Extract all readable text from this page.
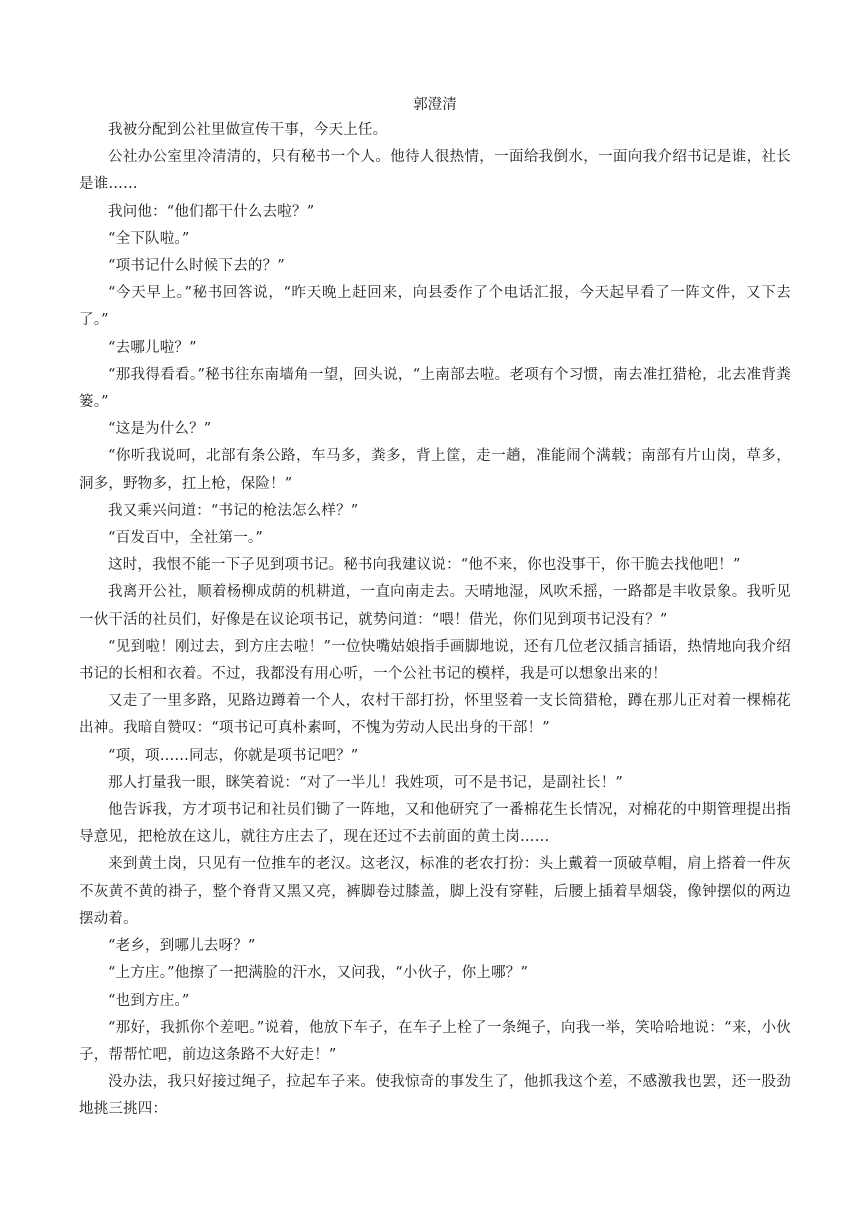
郭澄清

我被分配到公社里做宣传干事，今天上任。

公社办公室里冷清清的，只有秘书一个人。他待人很热情，一面给我倒水，一面向我介绍书记是谁，社长是谁……

我问他：“他们都干什么去啦？”

“全下队啦。”

“项书记什么时候下去的？”

“今天早上。”秘书回答说，“昨天晚上赶回来，向县委作了个电话汇报，今天起早看了一阵文件，又下去了。”

“去哪儿啦？”

“那我得看看。”秘书往东南墙角一望，回头说，“上南部去啦。老项有个习惯，南去准扛猎枪，北去准背粪篓。”

“这是为什么？”

“你听我说呵，北部有条公路，车马多，粪多，背上筐，走一趟，准能闹个满载；南部有片山岗，草多，洞多，野物多，扛上枪，保险！”

我又乘兴问道：“书记的枪法怎么样？”

“百发百中，全社第一。”

这时，我恨不能一下子见到项书记。秘书向我建议说：“他不来，你也没事干，你干脆去找他吧！”

我离开公社，顺着杨柳成荫的机耕道，一直向南走去。天晴地湿，风吹禾摇，一路都是丰收景象。我听见一伙干活的社员们，好像是在议论项书记，就势问道：“喂！借光，你们见到项书记没有？”

“见到啦！刚过去，到方庄去啦！”一位快嘴姑娘指手画脚地说，还有几位老汉插言插语，热情地向我介绍书记的长相和衣着。不过，我都没有用心听，一个公社书记的模样，我是可以想象出来的！

又走了一里多路，见路边蹲着一个人，农村干部打扮，怀里竖着一支长筒猎枪，蹲在那儿正对着一棵棉花出神。我暗自赞叹：“项书记可真朴素呵，不愧为劳动人民出身的干部！”

“项，项……同志，你就是项书记吧？”

那人打量我一眼，眯笑着说：“对了一半儿！我姓项，可不是书记，是副社长！”

他告诉我，方才项书记和社员们锄了一阵地，又和他研究了一番棉花生长情况，对棉花的中期管理提出指导意见，把枪放在这儿，就往方庄去了，现在还过不去前面的黄土岗……

来到黄土岗，只见有一位推车的老汉。这老汉，标准的老农打扮：头上戴着一顶破草帽，肩上搭着一件灰不灰黄不黄的褂子，整个脊背又黑又亮，裤脚卷过膝盖，脚上没有穿鞋，后腰上插着旱烟袋，像钟摆似的两边摆动着。

“老乡，到哪儿去呀？”

“上方庄。”他擦了一把满脸的汗水，又问我，“小伙子，你上哪？”

“也到方庄。”

“那好，我抓你个差吧。”说着，他放下车子，在车子上栓了一条绳子，向我一举，笑哈哈地说：“来，小伙子，帮帮忙吧，前边这条路不大好走！”

没办法，我只好接过绳子，拉起车子来。使我惊奇的事发生了，他抓我这个差，不感激我也罢，还一股劲地挑三挑四：
